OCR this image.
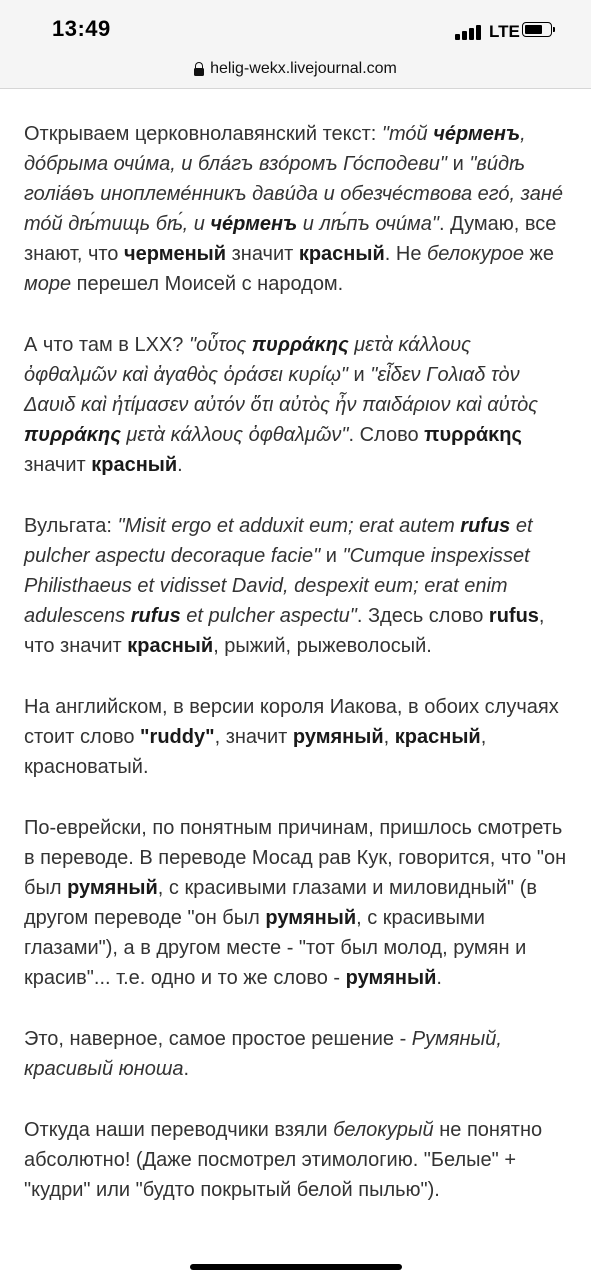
13:49	LTE
helig-wekx.livejournal.com

Открываем церковнолавянский текст: "то́й че́рменъ, до́брыма очи́ма, и бла́гъ взо́ромъ Го́сподеви" и "ви́дѣ голiа́ѳъ иноплеме́нникъ дави́да и обезче́ствова его́, зане́ то́й дѣ́тищь бѣ́, и че́рменъ и лѣ́пъ очи́ма". Думаю, все знают, что черменый значит красный. Не белокурое же море перешел Моисей с народом.

А что там в LXX? "οὗτος πυρράκης μετὰ κάλλους ὀφθαλμῶν καὶ ἀγαθὸς ὁράσει κυρίῳ" и "εἶδεν Γολιαδ τὸν Δαυιδ καὶ ἠτίμασεν αὐτόν ὅτι αὐτὸς ἦν παιδάριον καὶ αὐτὸς πυρράκης μετὰ κάλλους ὀφθαλμῶν". Слово πυρράκης значит красный.

Вульгата: "Misit ergo et adduxit eum; erat autem rufus et pulcher aspectu decoraque facie" и "Cumque inspexisset Philisthaeus et vidisset David, despexit eum; erat enim adulescens rufus et pulcher aspectu". Здесь слово rufus, что значит красный, рыжий, рыжеволосый.

На английском, в версии короля Иакова, в обоих случаях стоит слово "ruddy", значит румяный, красный, красноватый.

По-еврейски, по понятным причинам, пришлось смотреть в переводе. В переводе Мосад рав Кук, говорится, что "он был румяный, с красивыми глазами и миловидный" (в другом переводе "он был румяный, с красивыми глазами"), а в другом месте - "тот был молод, румян и красив"... т.е. одно и то же слово - румяный.

Это, наверное, самое простое решение - Румяный, красивый юноша.

Откуда наши переводчики взяли белокурый не понятно абсолютно! (Даже посмотрел этимологию. "Белые" + "кудри" или "будто покрытый белой пылью").
